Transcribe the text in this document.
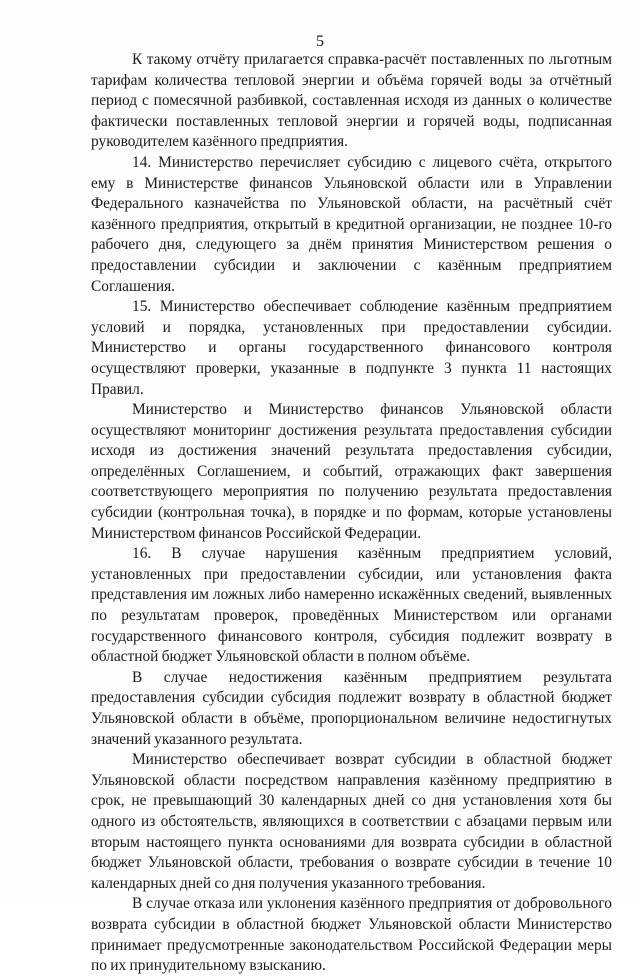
5

К такому отчёту прилагается справка-расчёт поставленных по льготным тарифам количества тепловой энергии и объёма горячей воды за отчётный период с помесячной разбивкой, составленная исходя из данных о количестве фактически поставленных тепловой энергии и горячей воды, подписанная руководителем казённого предприятия.

14. Министерство перечисляет субсидию с лицевого счёта, открытого ему в Министерстве финансов Ульяновской области или в Управлении Федерального казначейства по Ульяновской области, на расчётный счёт казённого предприятия, открытый в кредитной организации, не позднее 10-го рабочего дня, следующего за днём принятия Министерством решения о предоставлении субсидии и заключении с казённым предприятием Соглашения.

15. Министерство обеспечивает соблюдение казённым предприятием условий и порядка, установленных при предоставлении субсидии. Министерство и органы государственного финансового контроля осуществляют проверки, указанные в подпункте 3 пункта 11 настоящих Правил.

Министерство и Министерство финансов Ульяновской области осуществляют мониторинг достижения результата предоставления субсидии исходя из достижения значений результата предоставления субсидии, определённых Соглашением, и событий, отражающих факт завершения соответствующего мероприятия по получению результата предоставления субсидии (контрольная точка), в порядке и по формам, которые установлены Министерством финансов Российской Федерации.

16. В случае нарушения казённым предприятием условий, установленных при предоставлении субсидии, или установления факта представления им ложных либо намеренно искажённых сведений, выявленных по результатам проверок, проведённых Министерством или органами государственного финансового контроля, субсидия подлежит возврату в областной бюджет Ульяновской области в полном объёме.

В случае недостижения казённым предприятием результата предоставления субсидии субсидия подлежит возврату в областной бюджет Ульяновской области в объёме, пропорциональном величине недостигнутых значений указанного результата.

Министерство обеспечивает возврат субсидии в областной бюджет Ульяновской области посредством направления казённому предприятию в срок, не превышающий 30 календарных дней со дня установления хотя бы одного из обстоятельств, являющихся в соответствии с абзацами первым или вторым настоящего пункта основаниями для возврата субсидии в областной бюджет Ульяновской области, требования о возврате субсидии в течение 10 календарных дней со дня получения указанного требования.

В случае отказа или уклонения казённого предприятия от добровольного возврата субсидии в областной бюджет Ульяновской области Министерство принимает предусмотренные законодательством Российской Федерации меры по их принудительному взысканию.
